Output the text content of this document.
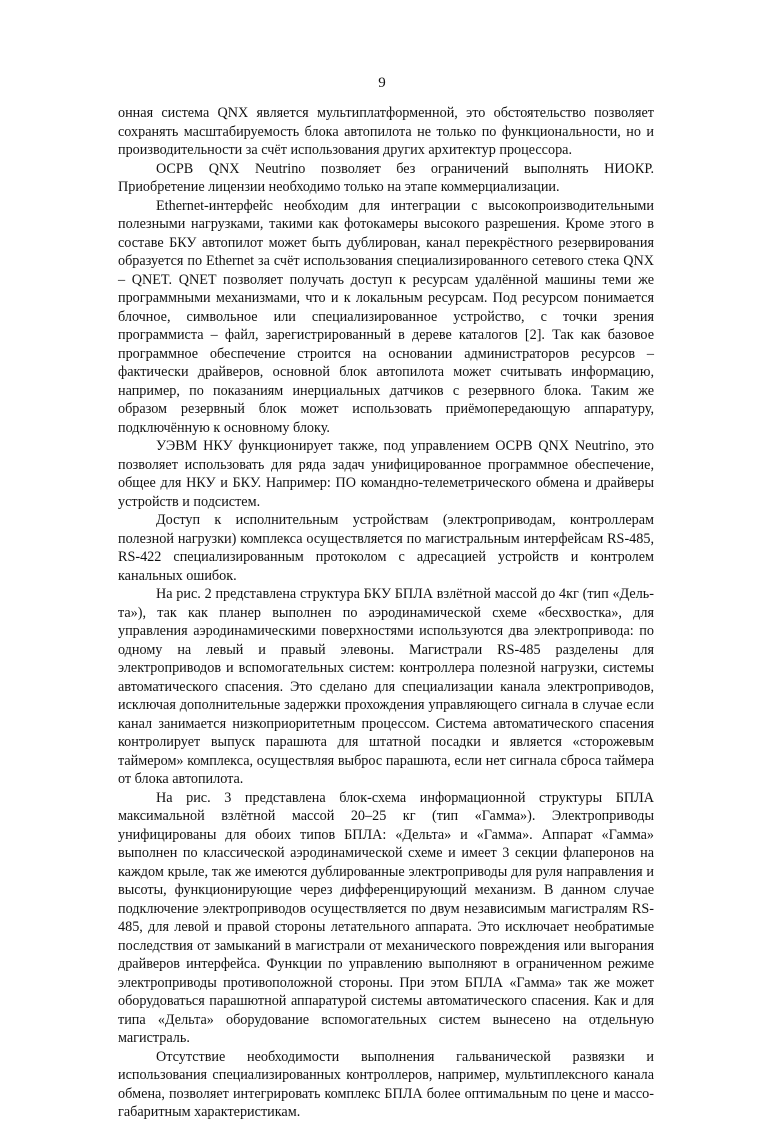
9

онная система QNX является мультиплатформенной, это обстоятельство позволяет сохранять масштабируемость блока автопилота не только по функциональности, но и производительности за счёт использования других архитектур процессора.

ОСРВ QNX Neutrino позволяет без ограничений выполнять НИОКР. Приобретение лицензии необходимо только на этапе коммерциализации.

Ethernet-интерфейс необходим для интеграции с высокопроизводительными полезными нагрузками, такими как фотокамеры высокого разрешения. Кроме этого в составе БКУ автопилот может быть дублирован, канал перекрёстного резервирования образуется по Ethernet за счёт использования специализированного сетевого стека QNX – QNET. QNET позволяет получать доступ к ресурсам удалённой машины теми же программными механизмами, что и к локальным ресурсам. Под ресурсом понимается блочное, символьное или специализированное устройство, с точки зрения программиста – файл, зарегистрированный в дереве каталогов [2]. Так как базовое программное обеспечение строится на основании администраторов ресурсов – фактически драйверов, основной блок автопилота может считывать информацию, например, по показаниям инерциальных датчиков с резервного блока. Таким же образом резервный блок может использовать приёмопередающую аппаратуру, подключённую к основному блоку.

УЭВМ НКУ функционирует также, под управлением ОСРВ QNX Neutrino, это позволяет использовать для ряда задач унифицированное программное обеспечение, общее для НКУ и БКУ. Например: ПО командно-телеметрического обмена и драйверы устройств и подсистем.

Доступ к исполнительным устройствам (электроприводам, контроллерам полезной нагрузки) комплекса осуществляется по магистральным интерфейсам RS-485, RS-422 специализированным протоколом с адресацией устройств и контролем канальных ошибок.

На рис. 2 представлена структура БКУ БПЛА взлётной массой до 4кг (тип «Дельта»), так как планер выполнен по аэродинамической схеме «бесхвостка», для управления аэродинамическими поверхностями используются два электропривода: по одному на левый и правый элевоны. Магистрали RS-485 разделены для электроприводов и вспомогательных систем: контроллера полезной нагрузки, системы автоматического спасения. Это сделано для специализации канала электроприводов, исключая дополнительные задержки прохождения управляющего сигнала в случае если канал занимается низкоприоритетным процессом. Система автоматического спасения контролирует выпуск парашюта для штатной посадки и является «сторожевым таймером» комплекса, осуществляя выброс парашюта, если нет сигнала сброса таймера от блока автопилота.

На рис. 3 представлена блок-схема информационной структуры БПЛА максимальной взлётной массой 20–25 кг (тип «Гамма»). Электроприводы унифицированы для обоих типов БПЛА: «Дельта» и «Гамма». Аппарат «Гамма» выполнен по классической аэродинамической схеме и имеет 3 секции флаперонов на каждом крыле, так же имеются дублированные электроприводы для руля направления и высоты, функционирующие через дифференцирующий механизм. В данном случае подключение электроприводов осуществляется по двум независимым магистралям RS-485, для левой и правой стороны летательного аппарата. Это исключает необратимые последствия от замыканий в магистрали от механического повреждения или выгорания драйверов интерфейса. Функции по управлению выполняют в ограниченном режиме электроприводы противоположной стороны. При этом БПЛА «Гамма» так же может оборудоваться парашютной аппаратурой системы автоматического спасения. Как и для типа «Дельта» оборудование вспомогательных систем вынесено на отдельную магистраль.

Отсутствие необходимости выполнения гальванической развязки и использования специализированных контроллеров, например, мультиплексного канала обмена, позволяет интегрировать комплекс БПЛА более оптимальным по цене и массо-габаритным характеристикам.
